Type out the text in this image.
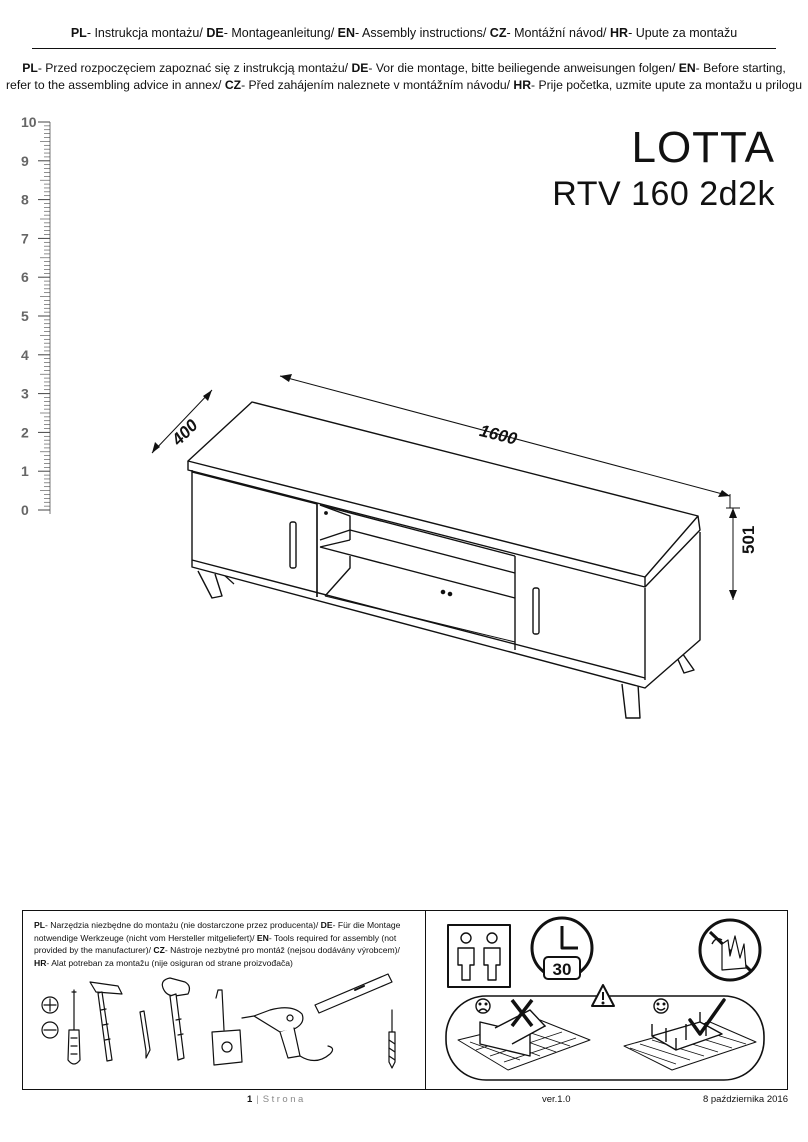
PL- Instrukcja montażu/ DE- Montageanleitung/ EN- Assembly instructions/ CZ- Montážní návod/ HR- Upute za montažu
PL- Przed rozpoczęciem zapoznać się z instrukcją montażu/ DE- Vor die montage, bitte beiliegende anweisungen folgen/ EN- Before starting,
refer to the assembling advice in annex/ CZ- Před zahájením naleznete v montážním návodu/ HR- Prije početka, uzmite upute za montažu u prilogu
10
9
8
7
6
5
4
3
2
1
0
LOTTA
RTV 160 2d2k
1600
400
501
PL- Narzędzia niezbędne do montażu (nie dostarczone przez producenta)/ DE- Für die Montage
notwendige Werkzeuge (nicht vom Hersteller mitgeliefert)/ EN- Tools required for assembly (not
provided by the manufacturer)/ CZ- Nástroje nezbytné pro montáž (nejsou dodávány výrobcem)/
HR- Alat potreban za montažu (nije osiguran od strane proizvođača)	30
1 | Strona	ver.1.0	8 października 2016
